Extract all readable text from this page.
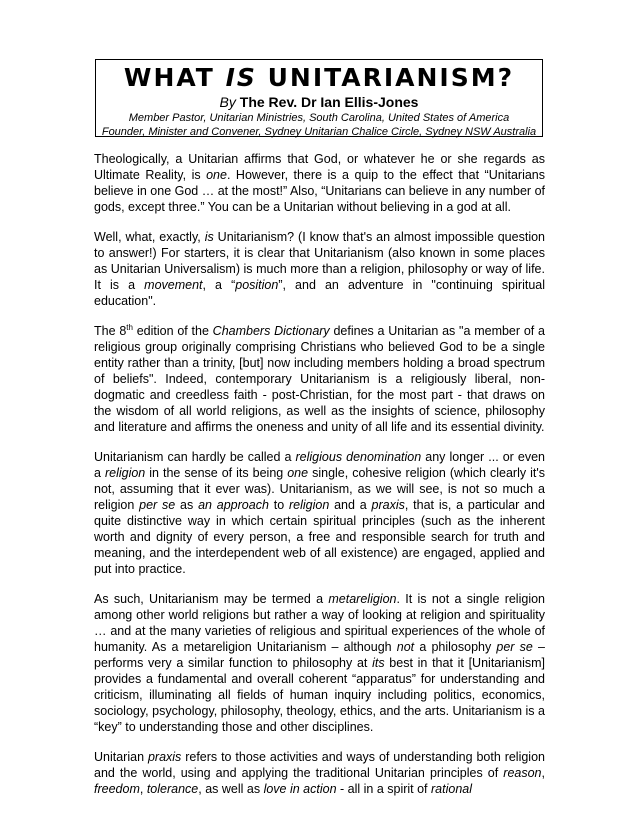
WHAT IS UNITARIANISM?
By The Rev. Dr Ian Ellis-Jones
Member Pastor, Unitarian Ministries, South Carolina, United States of America
Founder, Minister and Convener, Sydney Unitarian Chalice Circle, Sydney NSW Australia

Theologically, a Unitarian affirms that God, or whatever he or she regards as Ultimate Reality, is one. However, there is a quip to the effect that “Unitarians believe in one God … at the most!” Also, “Unitarians can believe in any number of gods, except three.” You can be a Unitarian without believing in a god at all.

Well, what, exactly, is Unitarianism? (I know that's an almost impossible question to answer!) For starters, it is clear that Unitarianism (also known in some places as Unitarian Universalism) is much more than a religion, philosophy or way of life. It is a movement, a “position”, and an adventure in "continuing spiritual education".

The 8th edition of the Chambers Dictionary defines a Unitarian as "a member of a religious group originally comprising Christians who believed God to be a single entity rather than a trinity, [but] now including members holding a broad spectrum of beliefs". Indeed, contemporary Unitarianism is a religiously liberal, non-dogmatic and creedless faith - post-Christian, for the most part - that draws on the wisdom of all world religions, as well as the insights of science, philosophy and literature and affirms the oneness and unity of all life and its essential divinity.

Unitarianism can hardly be called a religious denomination any longer ... or even a religion in the sense of its being one single, cohesive religion (which clearly it's not, assuming that it ever was). Unitarianism, as we will see, is not so much a religion per se as an approach to religion and a praxis, that is, a particular and quite distinctive way in which certain spiritual principles (such as the inherent worth and dignity of every person, a free and responsible search for truth and meaning, and the interdependent web of all existence) are engaged, applied and put into practice.

As such, Unitarianism may be termed a metareligion. It is not a single religion among other world religions but rather a way of looking at religion and spirituality … and at the many varieties of religious and spiritual experiences of the whole of humanity. As a metareligion Unitarianism – although not a philosophy per se – performs very a similar function to philosophy at its best in that it [Unitarianism] provides a fundamental and overall coherent “apparatus” for understanding and criticism, illuminating all fields of human inquiry including politics, economics, sociology, psychology, philosophy, theology, ethics, and the arts. Unitarianism is a “key” to understanding those and other disciplines.

Unitarian praxis refers to those activities and ways of understanding both religion and the world, using and applying the traditional Unitarian principles of reason, freedom, tolerance, as well as love in action - all in a spirit of rational
